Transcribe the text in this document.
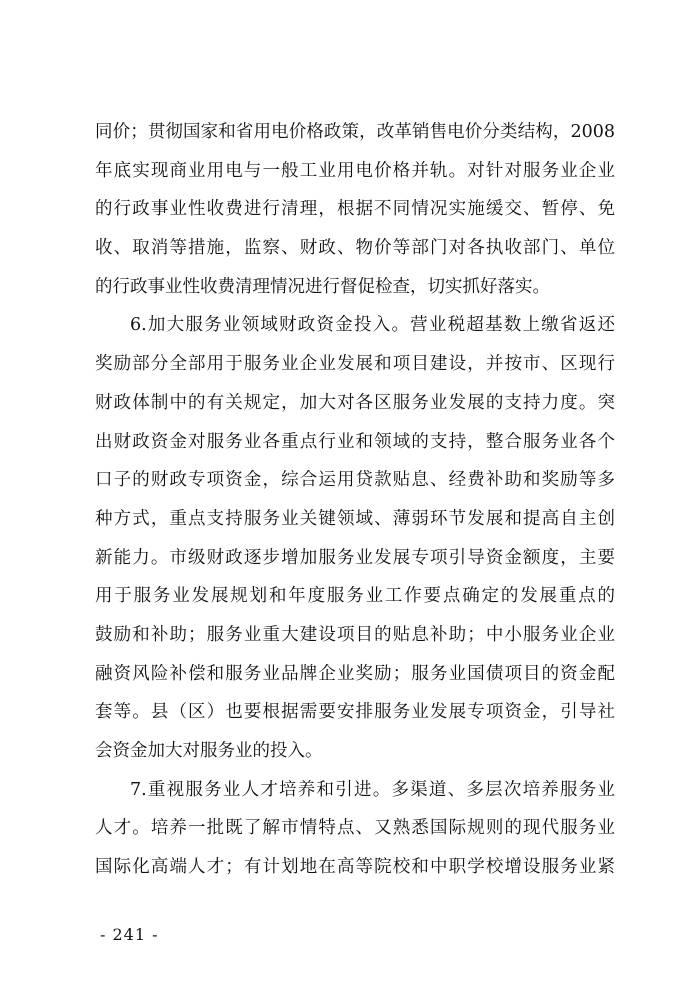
同价；贯彻国家和省用电价格政策，改革销售电价分类结构，2008
年底实现商业用电与一般工业用电价格并轨。对针对服务业企业
的行政事业性收费进行清理，根据不同情况实施缓交、暂停、免
收、取消等措施，监察、财政、物价等部门对各执收部门、单位
的行政事业性收费清理情况进行督促检查，切实抓好落实。
6.加大服务业领域财政资金投入。营业税超基数上缴省返还
奖励部分全部用于服务业企业发展和项目建设，并按市、区现行
财政体制中的有关规定，加大对各区服务业发展的支持力度。突
出财政资金对服务业各重点行业和领域的支持，整合服务业各个
口子的财政专项资金，综合运用贷款贴息、经费补助和奖励等多
种方式，重点支持服务业关键领域、薄弱环节发展和提高自主创
新能力。市级财政逐步增加服务业发展专项引导资金额度，主要
用于服务业发展规划和年度服务业工作要点确定的发展重点的
鼓励和补助；服务业重大建设项目的贴息补助；中小服务业企业
融资风险补偿和服务业品牌企业奖励；服务业国债项目的资金配
套等。县（区）也要根据需要安排服务业发展专项资金，引导社
会资金加大对服务业的投入。
7.重视服务业人才培养和引进。多渠道、多层次培养服务业
人才。培养一批既了解市情特点、又熟悉国际规则的现代服务业
国际化高端人才；有计划地在高等院校和中职学校增设服务业紧
- 241 -
